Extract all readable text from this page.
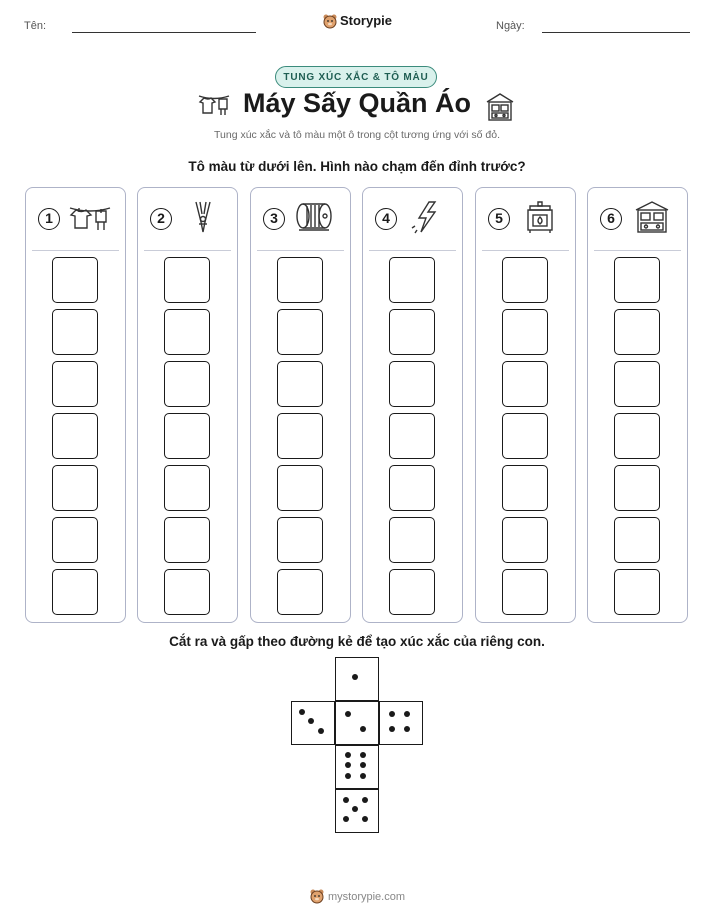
Tên:	Storypie	Ngày:
TUNG XÚC XẮC & TÔ MÀU
Máy Sấy Quần Áo
Tung xúc xắc và tô màu một ô trong cột tương ứng với số đỏ.
Tô màu từ dưới lên. Hình nào chạm đến đỉnh trước?
1	2	3	4	5	6
Cắt ra và gấp theo đường kẻ để tạo xúc xắc của riêng con.
mystorypie.com
